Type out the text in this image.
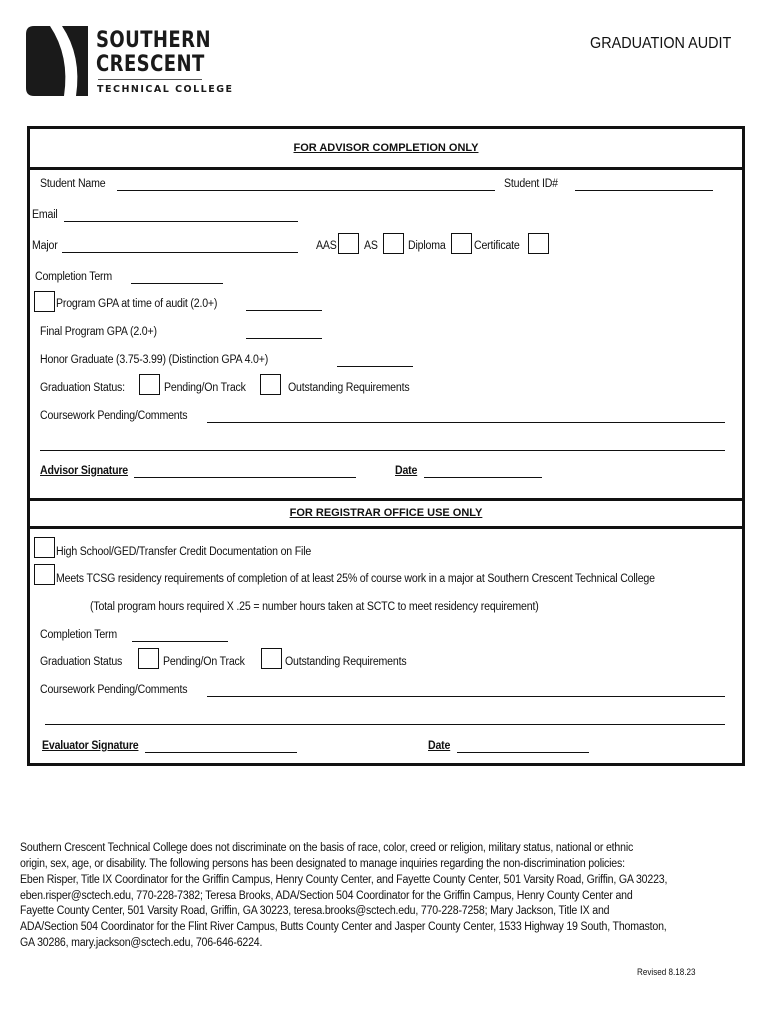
SOUTHERN
CRESCENT
TECHNICAL COLLEGE
GRADUATION AUDIT
FOR ADVISOR COMPLETION ONLY
Student Name	Student ID#
Email
Major	AAS AS	Diploma Certificate
Completion Term
Program GPA at time of audit (2.0+)
Final Program GPA (2.0+)
Honor Graduate (3.75-3.99) (Distinction GPA 4.0+)
Graduation Status:	Pending/On Track	Outstanding Requirements
Coursework Pending/Comments
Advisor Signature	Date
FOR REGISTRAR OFFICE USE ONLY
High School/GED/Transfer Credit Documentation on File
Meets TCSG residency requirements of completion of at least 25% of course work in a major at Southern Crescent Technical College
(Total program hours required X .25 = number hours taken at SCTC to meet residency requirement)
Completion Term
Graduation Status	Pending/On Track	Outstanding Requirements
Coursework Pending/Comments
Evaluator Signature	Date
Southern Crescent Technical College does not discriminate on the basis of race, color, creed or religion, military status, national or ethnic
origin, sex, age, or disability. The following persons has been designated to manage inquiries regarding the non-discrimination policies:
Eben Risper, Title IX Coordinator for the Griffin Campus, Henry County Center, and Fayette County Center, 501 Varsity Road, Griffin, GA 30223,
eben.risper@sctech.edu, 770-228-7382; Teresa Brooks, ADA/Section 504 Coordinator for the Griffin Campus, Henry County Center and
Fayette County Center, 501 Varsity Road, Griffin, GA 30223, teresa.brooks@sctech.edu, 770-228-7258; Mary Jackson, Title IX and
ADA/Section 504 Coordinator for the Flint River Campus, Butts County Center and Jasper County Center, 1533 Highway 19 South, Thomaston,
GA 30286, mary.jackson@sctech.edu, 706-646-6224.
Revised 8.18.23
